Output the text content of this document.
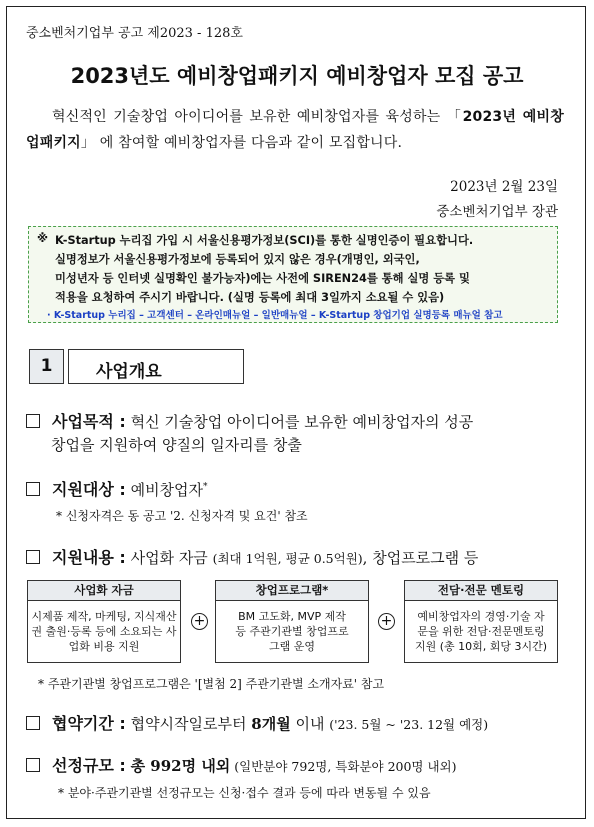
중소벤처기업부 공고 제2023 - 128호
2023년도 예비창업패키지 예비창업자 모집 공고
혁신적인 기술창업 아이디어를 보유한 예비창업자를 육성하는 「2023년 예비창업패키지」 에 참여할 예비창업자를 다음과 같이 모집합니다.
2023년 2월 23일
중소벤처기업부 장관
※ K-Startup 누리집 가입 시 서울신용평가정보(SCI)를 통한 실명인증이 필요합니다.
실명정보가 서울신용평가정보에 등록되어 있지 않은 경우(개명인, 외국인,
미성년자 등 인터넷 실명확인 불가능자)에는 사전에 SIREN24를 통해 실명 등록 및
적용을 요청하여 주시기 바랍니다. (실명 등록에 최대 3일까지 소요될 수 있음)
· K-Startup 누리집 – 고객센터 – 온라인매뉴얼 – 일반매뉴얼 – K-Startup 창업기업 실명등록 매뉴얼 참고
1	사업개요
사업목적 : 혁신 기술창업 아이디어를 보유한 예비창업자의 성공
창업을 지원하여 양질의 일자리를 창출
지원대상 : 예비창업자*
* 신청자격은 동 공고 '2. 신청자격 및 요건' 참조
지원내용 : 사업화 자금 (최대 1억원, 평균 0.5억원), 창업프로그램 등
사업화 자금
시제품 제작, 마케팅, 지식재산권 출원·등록 등에 소요되는 사업화 비용 지원
+
창업프로그램*
BM 고도화, MVP 제작 등 주관기관별 창업프로그램 운영
+
전담·전문 멘토링
예비창업자의 경영·기술 자문을 위한 전담·전문멘토링 지원 (총 10회, 회당 3시간)
* 주관기관별 창업프로그램은 '[별첨 2] 주관기관별 소개자료' 참고
협약기간 : 협약시작일로부터 8개월 이내 ('23. 5월 ~ '23. 12월 예정)
선정규모 : 총 992명 내외 (일반분야 792명, 특화분야 200명 내외)
* 분야·주관기관별 선정규모는 신청·접수 결과 등에 따라 변동될 수 있음
